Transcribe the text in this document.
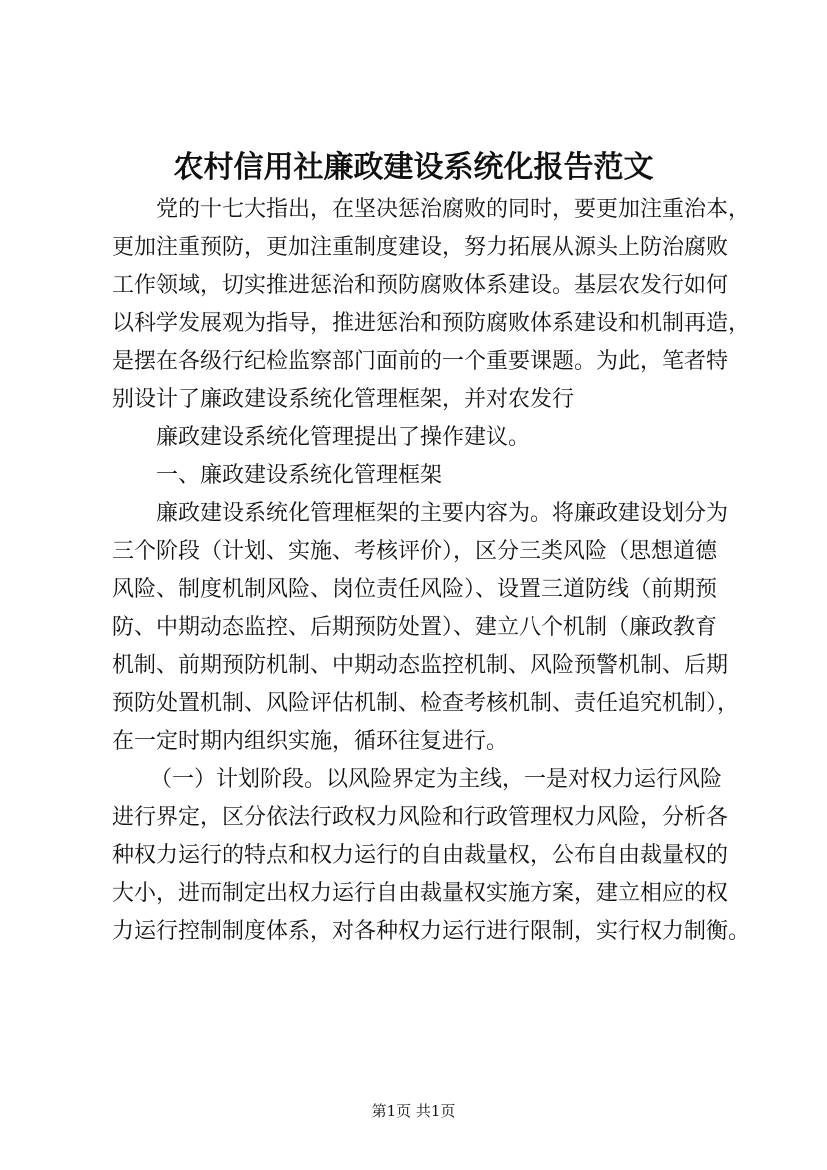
农村信用社廉政建设系统化报告范文
党的十七大指出，在坚决惩治腐败的同时，要更加注重治本，
更加注重预防，更加注重制度建设，努力拓展从源头上防治腐败
工作领域，切实推进惩治和预防腐败体系建设。基层农发行如何
以科学发展观为指导，推进惩治和预防腐败体系建设和机制再造，
是摆在各级行纪检监察部门面前的一个重要课题。为此，笔者特
别设计了廉政建设系统化管理框架，并对农发行
廉政建设系统化管理提出了操作建议。
一、廉政建设系统化管理框架
廉政建设系统化管理框架的主要内容为。将廉政建设划分为
三个阶段（计划、实施、考核评价），区分三类风险（思想道德
风险、制度机制风险、岗位责任风险）、设置三道防线（前期预
防、中期动态监控、后期预防处置）、建立八个机制（廉政教育
机制、前期预防机制、中期动态监控机制、风险预警机制、后期
预防处置机制、风险评估机制、检查考核机制、责任追究机制），
在一定时期内组织实施，循环往复进行。
（一）计划阶段。以风险界定为主线，一是对权力运行风险
进行界定，区分依法行政权力风险和行政管理权力风险，分析各
种权力运行的特点和权力运行的自由裁量权，公布自由裁量权的
大小，进而制定出权力运行自由裁量权实施方案，建立相应的权
力运行控制制度体系，对各种权力运行进行限制，实行权力制衡。
第1页 共1页
